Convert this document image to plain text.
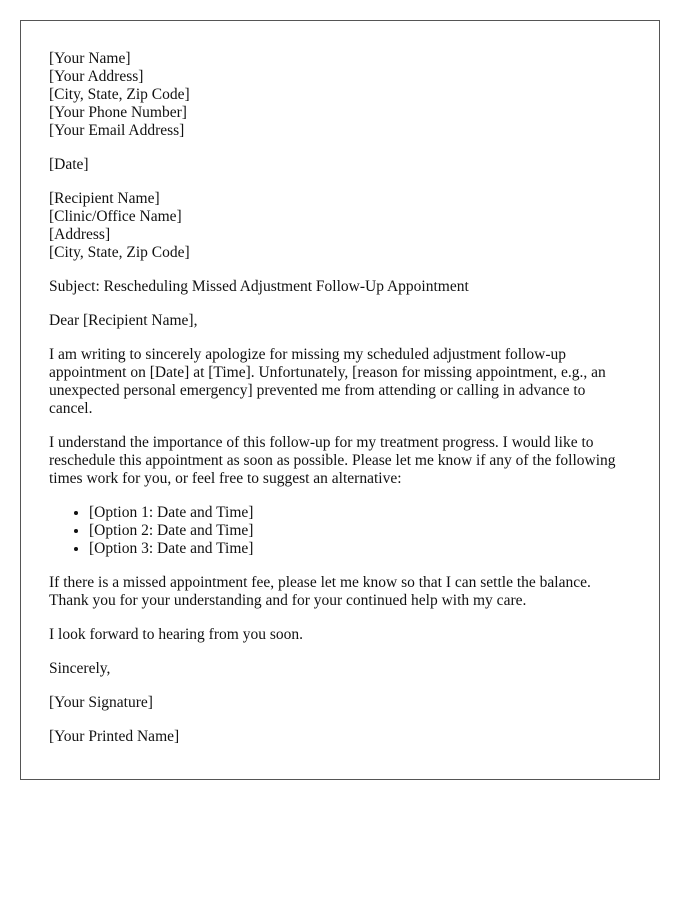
[Your Name]
[Your Address]
[City, State, Zip Code]
[Your Phone Number]
[Your Email Address]
[Date]
[Recipient Name]
[Clinic/Office Name]
[Address]
[City, State, Zip Code]

Subject: Rescheduling Missed Adjustment Follow-Up Appointment

Dear [Recipient Name],

I am writing to sincerely apologize for missing my scheduled adjustment follow-up appointment on [Date] at [Time]. Unfortunately, [reason for missing appointment, e.g., an unexpected personal emergency] prevented me from attending or calling in advance to cancel.

I understand the importance of this follow-up for my treatment progress. I would like to reschedule this appointment as soon as possible. Please let me know if any of the following times work for you, or feel free to suggest an alternative:

• [Option 1: Date and Time]
• [Option 2: Date and Time]
• [Option 3: Date and Time]

If there is a missed appointment fee, please let me know so that I can settle the balance. Thank you for your understanding and for your continued help with my care.

I look forward to hearing from you soon.

Sincerely,

[Your Signature]

[Your Printed Name]
